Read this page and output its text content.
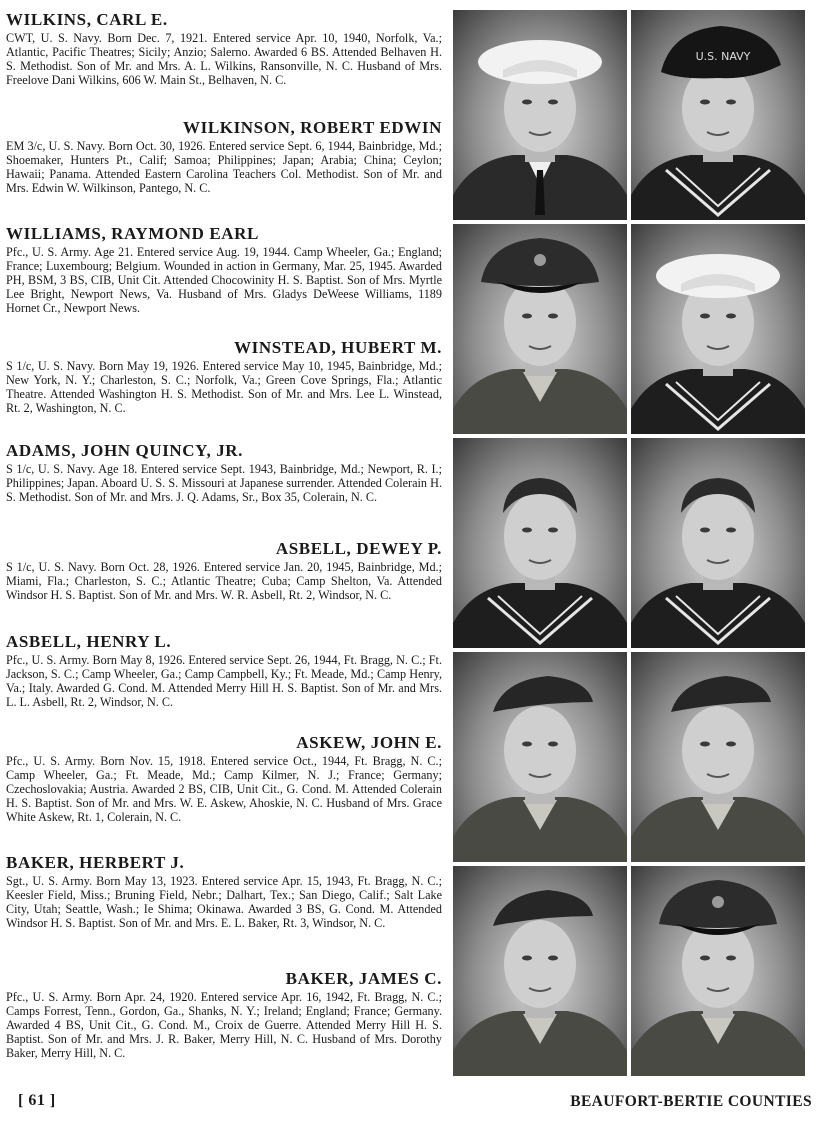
WILKINS, CARL E.

CWT, U. S. Navy. Born Dec. 7, 1921. Entered service Apr. 10, 1940, Norfolk, Va.; Atlantic, Pacific Theatres; Sicily; Anzio; Salerno. Awarded 6 BS. Attended Belhaven H. S. Methodist. Son of Mr. and Mrs. A. L. Wilkins, Ransonville, N. C. Husband of Mrs. Freelove Dani Wilkins, 606 W. Main St., Belhaven, N. C.

WILKINSON, ROBERT EDWIN

EM 3/c, U. S. Navy. Born Oct. 30, 1926. Entered service Sept. 6, 1944, Bainbridge, Md.; Shoemaker, Hunters Pt., Calif; Samoa; Philippines; Japan; Arabia; China; Ceylon; Hawaii; Panama. Attended Eastern Carolina Teachers Col. Methodist. Son of Mr. and Mrs. Edwin W. Wilkinson, Pantego, N. C.

WILLIAMS, RAYMOND EARL

Pfc., U. S. Army. Age 21. Entered service Aug. 19, 1944. Camp Wheeler, Ga.; England; France; Luxembourg; Belgium. Wounded in action in Germany, Mar. 25, 1945. Awarded PH, BSM, 3 BS, CIB, Unit Cit. Attended Chocowinity H. S. Baptist. Son of Mrs. Myrtle Lee Bright, Newport News, Va. Husband of Mrs. Gladys DeWeese Williams, 1189 Hornet Cr., Newport News.

WINSTEAD, HUBERT M.

S 1/c, U. S. Navy. Born May 19, 1926. Entered service May 10, 1945, Bainbridge, Md.; New York, N. Y.; Charleston, S. C.; Norfolk, Va.; Green Cove Springs, Fla.; Atlantic Theatre. Attended Washington H. S. Methodist. Son of Mr. and Mrs. Lee L. Winstead, Rt. 2, Washington, N. C.

ADAMS, JOHN QUINCY, JR.

S 1/c, U. S. Navy. Age 18. Entered service Sept. 1943, Bainbridge, Md.; Newport, R. I.; Philippines; Japan. Aboard U. S. S. Missouri at Japanese surrender. Attended Colerain H. S. Methodist. Son of Mr. and Mrs. J. Q. Adams, Sr., Box 35, Colerain, N. C.

ASBELL, DEWEY P.

S 1/c, U. S. Navy. Born Oct. 28, 1926. Entered service Jan. 20, 1945, Bainbridge, Md.; Miami, Fla.; Charleston, S. C.; Atlantic Theatre; Cuba; Camp Shelton, Va. Attended Windsor H. S. Baptist. Son of Mr. and Mrs. W. R. Asbell, Rt. 2, Windsor, N. C.

ASBELL, HENRY L.

Pfc., U. S. Army. Born May 8, 1926. Entered service Sept. 26, 1944, Ft. Bragg, N. C.; Ft. Jackson, S. C.; Camp Wheeler, Ga.; Camp Campbell, Ky.; Ft. Meade, Md.; Camp Henry, Va.; Italy. Awarded G. Cond. M. Attended Merry Hill H. S. Baptist. Son of Mr. and Mrs. L. L. Asbell, Rt. 2, Windsor, N. C.

ASKEW, JOHN E.

Pfc., U. S. Army. Born Nov. 15, 1918. Entered service Oct., 1944, Ft. Bragg, N. C.; Camp Wheeler, Ga.; Ft. Meade, Md.; Camp Kilmer, N. J.; France; Germany; Czechoslovakia; Austria. Awarded 2 BS, CIB, Unit Cit., G. Cond. M. Attended Colerain H. S. Baptist. Son of Mr. and Mrs. W. E. Askew, Ahoskie, N. C. Husband of Mrs. Grace White Askew, Rt. 1, Colerain, N. C.

BAKER, HERBERT J.

Sgt., U. S. Army. Born May 13, 1923. Entered service Apr. 15, 1943, Ft. Bragg, N. C.; Keesler Field, Miss.; Bruning Field, Nebr.; Dalhart, Tex.; San Diego, Calif.; Salt Lake City, Utah; Seattle, Wash.; Ie Shima; Okinawa. Awarded 3 BS, G. Cond. M. Attended Windsor H. S. Baptist. Son of Mr. and Mrs. E. L. Baker, Rt. 3, Windsor, N. C.

BAKER, JAMES C.

Pfc., U. S. Army. Born Apr. 24, 1920. Entered service Apr. 16, 1942, Ft. Bragg, N. C.; Camps Forrest, Tenn., Gordon, Ga., Shanks, N. Y.; Ireland; England; France; Germany. Awarded 4 BS, Unit Cit., G. Cond. M., Croix de Guerre. Attended Merry Hill H. S. Baptist. Son of Mr. and Mrs. J. R. Baker, Merry Hill, N. C. Husband of Mrs. Dorothy Baker, Merry Hill, N. C.

U.S. NAVY
[ 61 ]	BEAUFORT-BERTIE COUNTIES
